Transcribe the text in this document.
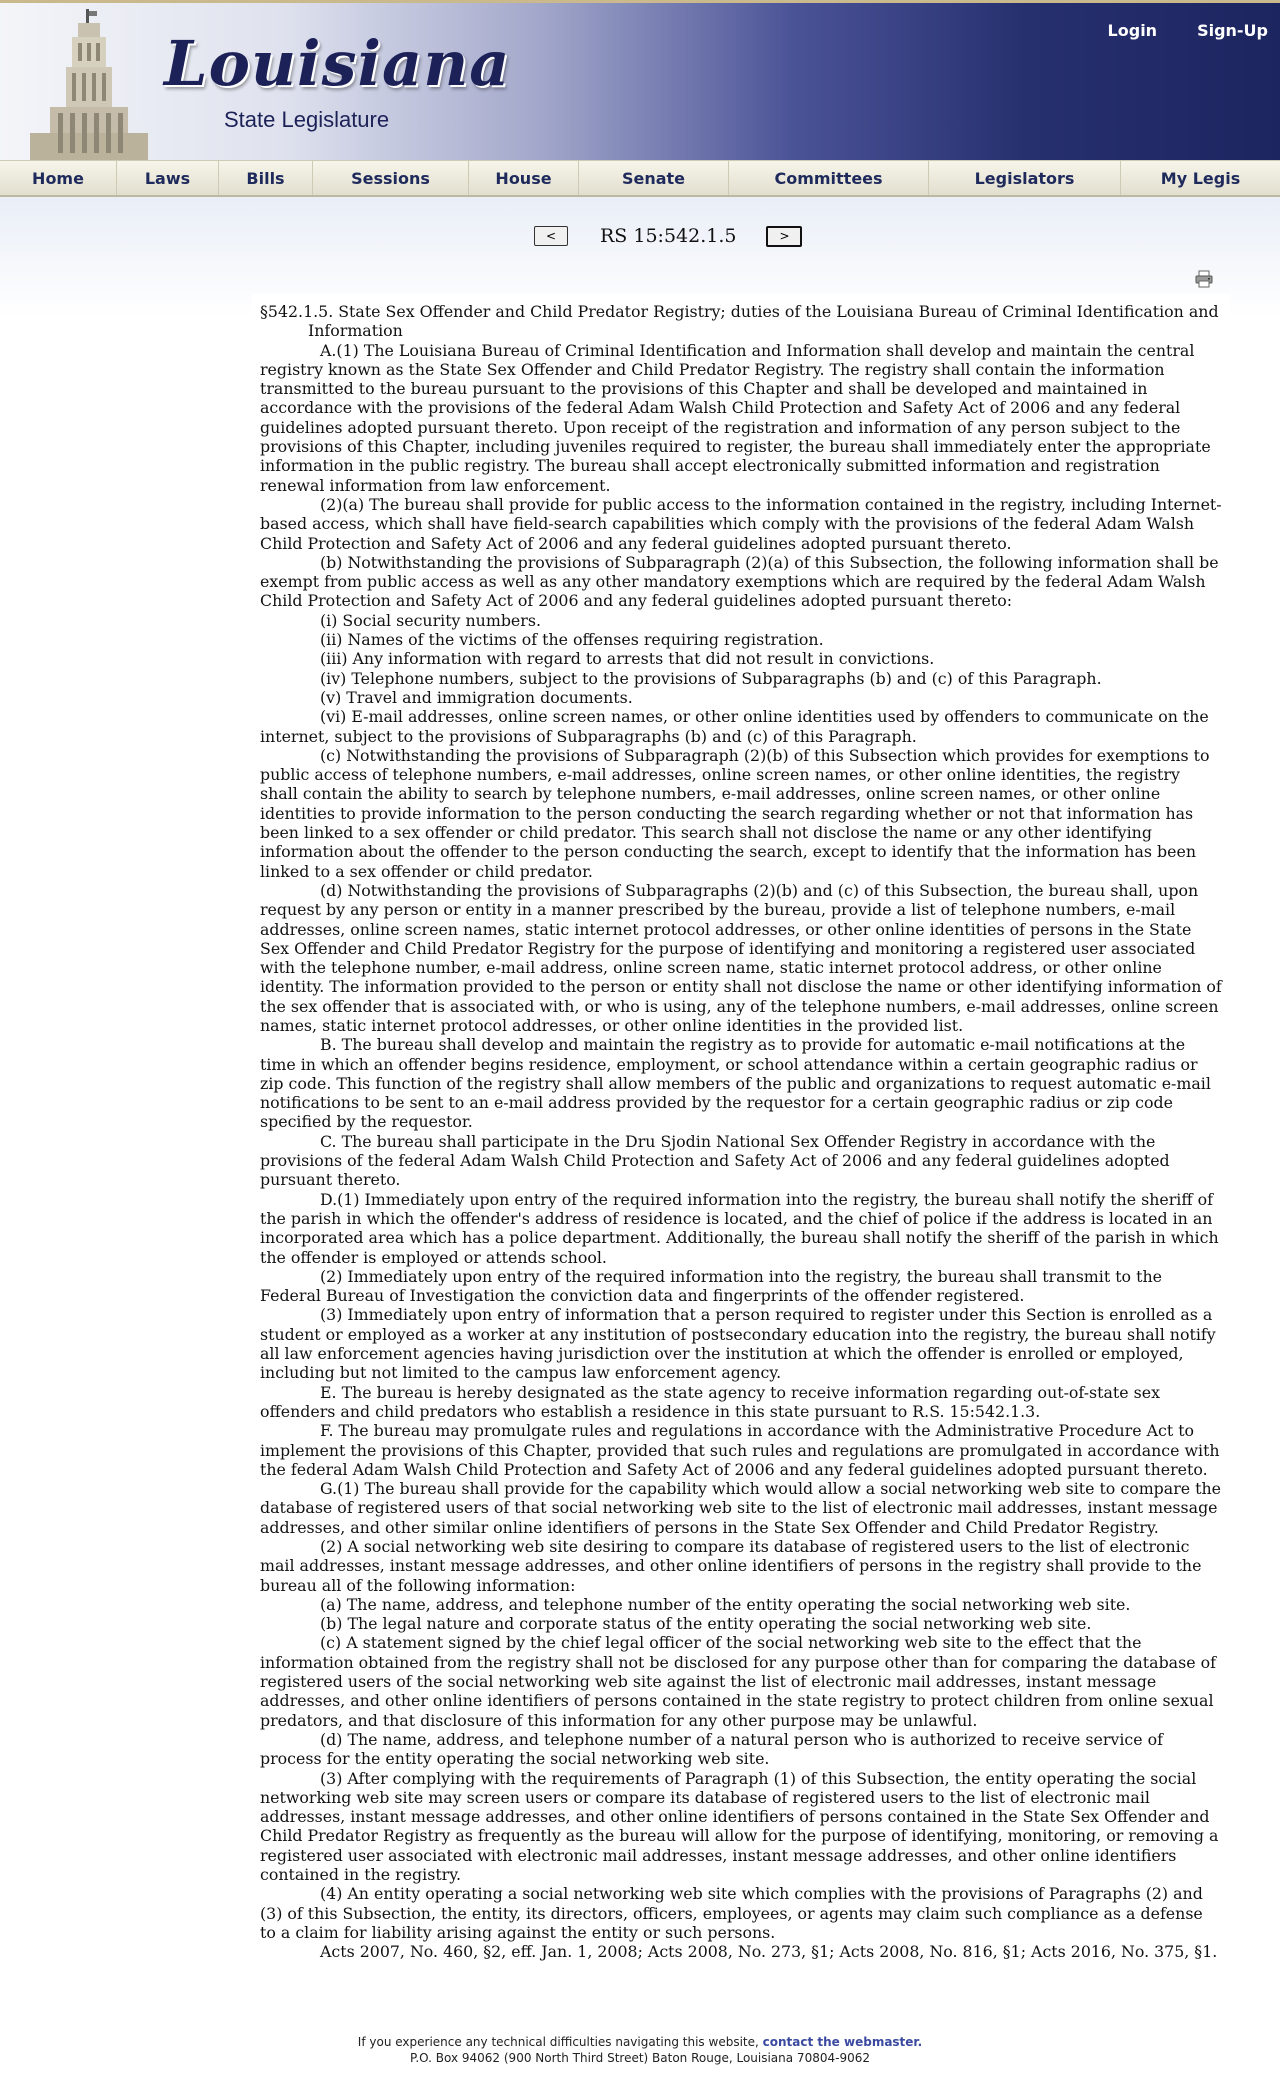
Louisiana
State Legislature
Login	Sign-Up
Home	Laws	Bills	Sessions	House	Senate	Committees	Legislators	My Legis
<	RS 15:542.1.5	>

§542.1.5. State Sex Offender and Child Predator Registry; duties of the Louisiana Bureau of Criminal Identification and Information

A.(1) The Louisiana Bureau of Criminal Identification and Information shall develop and maintain the central registry known as the State Sex Offender and Child Predator Registry. The registry shall contain the information transmitted to the bureau pursuant to the provisions of this Chapter and shall be developed and maintained in accordance with the provisions of the federal Adam Walsh Child Protection and Safety Act of 2006 and any federal guidelines adopted pursuant thereto. Upon receipt of the registration and information of any person subject to the provisions of this Chapter, including juveniles required to register, the bureau shall immediately enter the appropriate information in the public registry. The bureau shall accept electronically submitted information and registration renewal information from law enforcement.

(2)(a) The bureau shall provide for public access to the information contained in the registry, including Internet-based access, which shall have field-search capabilities which comply with the provisions of the federal Adam Walsh Child Protection and Safety Act of 2006 and any federal guidelines adopted pursuant thereto.

(b) Notwithstanding the provisions of Subparagraph (2)(a) of this Subsection, the following information shall be exempt from public access as well as any other mandatory exemptions which are required by the federal Adam Walsh Child Protection and Safety Act of 2006 and any federal guidelines adopted pursuant thereto:

(i) Social security numbers.

(ii) Names of the victims of the offenses requiring registration.

(iii) Any information with regard to arrests that did not result in convictions.

(iv) Telephone numbers, subject to the provisions of Subparagraphs (b) and (c) of this Paragraph.

(v) Travel and immigration documents.

(vi) E-mail addresses, online screen names, or other online identities used by offenders to communicate on the internet, subject to the provisions of Subparagraphs (b) and (c) of this Paragraph.

(c) Notwithstanding the provisions of Subparagraph (2)(b) of this Subsection which provides for exemptions to public access of telephone numbers, e-mail addresses, online screen names, or other online identities, the registry shall contain the ability to search by telephone numbers, e-mail addresses, online screen names, or other online identities to provide information to the person conducting the search regarding whether or not that information has been linked to a sex offender or child predator. This search shall not disclose the name or any other identifying information about the offender to the person conducting the search, except to identify that the information has been linked to a sex offender or child predator.

(d) Notwithstanding the provisions of Subparagraphs (2)(b) and (c) of this Subsection, the bureau shall, upon request by any person or entity in a manner prescribed by the bureau, provide a list of telephone numbers, e-mail addresses, online screen names, static internet protocol addresses, or other online identities of persons in the State Sex Offender and Child Predator Registry for the purpose of identifying and monitoring a registered user associated with the telephone number, e-mail address, online screen name, static internet protocol address, or other online identity. The information provided to the person or entity shall not disclose the name or other identifying information of the sex offender that is associated with, or who is using, any of the telephone numbers, e-mail addresses, online screen names, static internet protocol addresses, or other online identities in the provided list.

B. The bureau shall develop and maintain the registry as to provide for automatic e-mail notifications at the time in which an offender begins residence, employment, or school attendance within a certain geographic radius or zip code. This function of the registry shall allow members of the public and organizations to request automatic e-mail notifications to be sent to an e-mail address provided by the requestor for a certain geographic radius or zip code specified by the requestor.

C. The bureau shall participate in the Dru Sjodin National Sex Offender Registry in accordance with the provisions of the federal Adam Walsh Child Protection and Safety Act of 2006 and any federal guidelines adopted pursuant thereto.

D.(1) Immediately upon entry of the required information into the registry, the bureau shall notify the sheriff of the parish in which the offender's address of residence is located, and the chief of police if the address is located in an incorporated area which has a police department. Additionally, the bureau shall notify the sheriff of the parish in which the offender is employed or attends school.

(2) Immediately upon entry of the required information into the registry, the bureau shall transmit to the Federal Bureau of Investigation the conviction data and fingerprints of the offender registered.

(3) Immediately upon entry of information that a person required to register under this Section is enrolled as a student or employed as a worker at any institution of postsecondary education into the registry, the bureau shall notify all law enforcement agencies having jurisdiction over the institution at which the offender is enrolled or employed, including but not limited to the campus law enforcement agency.

E. The bureau is hereby designated as the state agency to receive information regarding out-of-state sex offenders and child predators who establish a residence in this state pursuant to R.S. 15:542.1.3.

F. The bureau may promulgate rules and regulations in accordance with the Administrative Procedure Act to implement the provisions of this Chapter, provided that such rules and regulations are promulgated in accordance with the federal Adam Walsh Child Protection and Safety Act of 2006 and any federal guidelines adopted pursuant thereto.

G.(1) The bureau shall provide for the capability which would allow a social networking web site to compare the database of registered users of that social networking web site to the list of electronic mail addresses, instant message addresses, and other similar online identifiers of persons in the State Sex Offender and Child Predator Registry.

(2) A social networking web site desiring to compare its database of registered users to the list of electronic mail addresses, instant message addresses, and other online identifiers of persons in the registry shall provide to the bureau all of the following information:

(a) The name, address, and telephone number of the entity operating the social networking web site.

(b) The legal nature and corporate status of the entity operating the social networking web site.

(c) A statement signed by the chief legal officer of the social networking web site to the effect that the information obtained from the registry shall not be disclosed for any purpose other than for comparing the database of registered users of the social networking web site against the list of electronic mail addresses, instant message addresses, and other online identifiers of persons contained in the state registry to protect children from online sexual predators, and that disclosure of this information for any other purpose may be unlawful.

(d) The name, address, and telephone number of a natural person who is authorized to receive service of process for the entity operating the social networking web site.

(3) After complying with the requirements of Paragraph (1) of this Subsection, the entity operating the social networking web site may screen users or compare its database of registered users to the list of electronic mail addresses, instant message addresses, and other online identifiers of persons contained in the State Sex Offender and Child Predator Registry as frequently as the bureau will allow for the purpose of identifying, monitoring, or removing a registered user associated with electronic mail addresses, instant message addresses, and other online identifiers contained in the registry.

(4) An entity operating a social networking web site which complies with the provisions of Paragraphs (2) and (3) of this Subsection, the entity, its directors, officers, employees, or agents may claim such compliance as a defense to a claim for liability arising against the entity or such persons.

Acts 2007, No. 460, §2, eff. Jan. 1, 2008; Acts 2008, No. 273, §1; Acts 2008, No. 816, §1; Acts 2016, No. 375, §1.

If you experience any technical difficulties navigating this website, contact the webmaster.
P.O. Box 94062 (900 North Third Street) Baton Rouge, Louisiana 70804-9062
